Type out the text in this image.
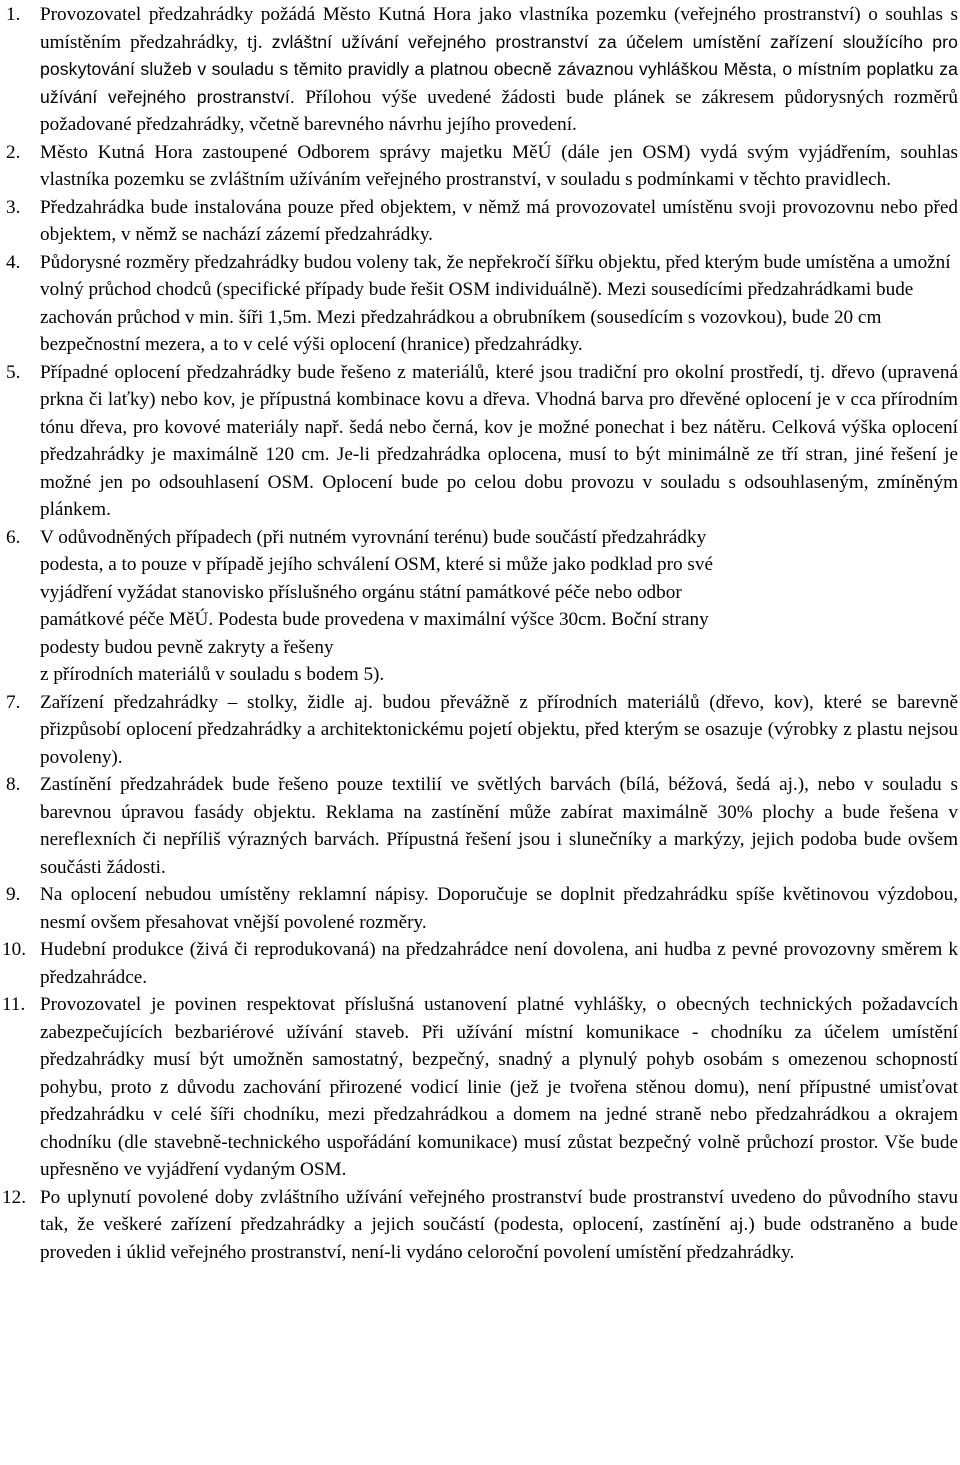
1. Provozovatel předzahrádky požádá Město Kutná Hora jako vlastníka pozemku (veřejného prostranství) o souhlas s umístěním předzahrádky, tj. zvláštní užívání veřejného prostranství za účelem umístění zařízení sloužícího pro poskytování služeb v souladu s těmito pravidly a platnou obecně závaznou vyhláškou Města, o místním poplatku za užívání veřejného prostranství. Přílohou výše uvedené žádosti bude plánek se zákresem půdorysných rozměrů požadované předzahrádky, včetně barevného návrhu jejího provedení.
2. Město Kutná Hora zastoupené Odborem správy majetku MěÚ (dále jen OSM) vydá svým vyjádřením, souhlas vlastníka pozemku se zvláštním užíváním veřejného prostranství, v souladu s podmínkami v těchto pravidlech.
3. Předzahrádka bude instalována pouze před objektem, v němž má provozovatel umístěnu svoji provozovnu nebo před objektem, v němž se nachází zázemí předzahrádky.
4. Půdorysné rozměry předzahrádky budou voleny tak, že nepřekročí šířku objektu, před kterým bude umístěna a umožní volný průchod chodců (specifické případy bude řešit OSM individuálně). Mezi sousedícími předzahrádkami bude zachován průchod v min. šíři 1,5m. Mezi předzahrádkou a obrubníkem (sousedícím s vozovkou), bude 20 cm bezpečnostní mezera, a to v celé výši oplocení (hranice) předzahrádky.
5. Případné oplocení předzahrádky bude řešeno z materiálů, které jsou tradiční pro okolní prostředí, tj. dřevo (upravená prkna či laťky) nebo kov, je přípustná kombinace kovu a dřeva. Vhodná barva pro dřevěné oplocení je v cca přírodním tónu dřeva, pro kovové materiály např. šedá nebo černá, kov je možné ponechat i bez nátěru. Celková výška oplocení předzahrádky je maximálně 120 cm. Je-li předzahrádka oplocena, musí to být minimálně ze tří stran, jiné řešení je možné jen po odsouhlasení OSM. Oplocení bude po celou dobu provozu v souladu s odsouhlaseným, zmíněným plánkem.
6. V odůvodněných případech (při nutném vyrovnání terénu) bude součástí předzahrádky
podesta, a to pouze v případě jejího schválení OSM, které si může jako podklad pro své
vyjádření vyžádat stanovisko příslušného orgánu státní památkové péče nebo odbor
památkové péče MěÚ. Podesta bude provedena v maximální výšce 30cm. Boční strany
podesty budou pevně zakryty a řešeny
z přírodních materiálů v souladu s bodem 5).
7. Zařízení předzahrádky – stolky, židle aj. budou převážně z přírodních materiálů (dřevo, kov), které se barevně přizpůsobí oplocení předzahrádky a architektonickému pojetí objektu, před kterým se osazuje (výrobky z plastu nejsou povoleny).
8. Zastínění předzahrádek bude řešeno pouze textilií ve světlých barvách (bílá, béžová, šedá aj.), nebo v souladu s barevnou úpravou fasády objektu. Reklama na zastínění může zabírat maximálně 30% plochy a bude řešena v nereflexních či nepříliš výrazných barvách. Přípustná řešení jsou i slunečníky a markýzy, jejich podoba bude ovšem součásti žádosti.
9. Na oplocení nebudou umístěny reklamní nápisy. Doporučuje se doplnit předzahrádku spíše květinovou výzdobou, nesmí ovšem přesahovat vnější povolené rozměry.
10. Hudební produkce (živá či reprodukovaná) na předzahrádce není dovolena, ani hudba z pevné provozovny směrem k předzahrádce.
11. Provozovatel je povinen respektovat příslušná ustanovení platné vyhlášky, o obecných technických požadavcích zabezpečujících bezbariérové užívání staveb. Při užívání místní komunikace - chodníku za účelem umístění předzahrádky musí být umožněn samostatný, bezpečný, snadný a plynulý pohyb osobám s omezenou schopností pohybu, proto z důvodu zachování přirozené vodicí linie (jež je tvořena stěnou domu), není přípustné umisťovat předzahrádku v celé šíři chodníku, mezi předzahrádkou a domem na jedné straně nebo předzahrádkou a okrajem chodníku (dle stavebně-technického uspořádání komunikace) musí zůstat bezpečný volně průchozí prostor. Vše bude upřesněno ve vyjádření vydaným OSM.
12. Po uplynutí povolené doby zvláštního užívání veřejného prostranství bude prostranství uvedeno do původního stavu tak, že veškeré zařízení předzahrádky a jejich součástí (podesta, oplocení, zastínění aj.) bude odstraněno a bude proveden i úklid veřejného prostranství, není-li vydáno celoroční povolení umístění předzahrádky.
